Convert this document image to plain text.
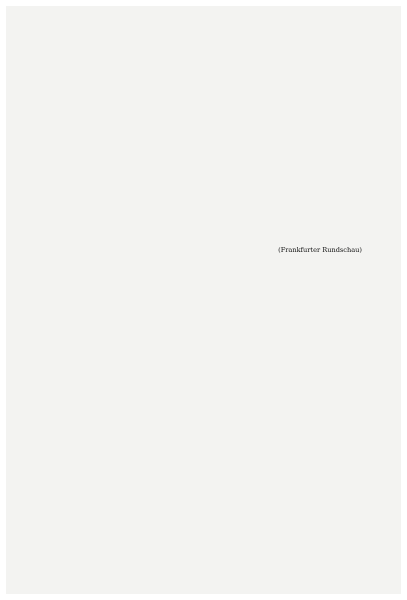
(Frankfurter Rundschau)
